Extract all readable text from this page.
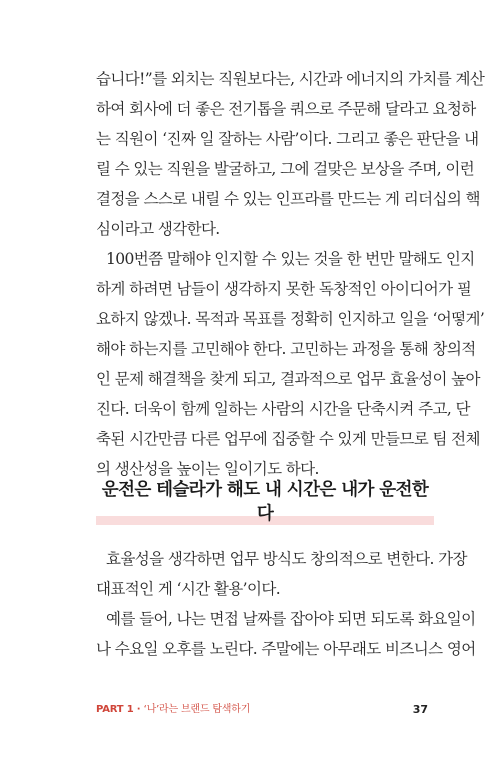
습니다!”를 외치는 직원보다는, 시간과 에너지의 가치를 계산
하여 회사에 더 좋은 전기톱을 쿼으로 주문해 달라고 요청하
는 직원이 ‘진짜 일 잘하는 사람’이다. 그리고 좋은 판단을 내
릴 수 있는 직원을 발굴하고, 그에 걸맞은 보상을 주며, 이런
결정을 스스로 내릴 수 있는 인프라를 만드는 게 리더십의 핵
심이라고 생각한다.
100번쯤 말해야 인지할 수 있는 것을 한 번만 말해도 인지
하게 하려면 남들이 생각하지 못한 독창적인 아이디어가 필
요하지 않겠나. 목적과 목표를 정확히 인지하고 일을 ‘어떻게’
해야 하는지를 고민해야 한다. 고민하는 과정을 통해 창의적
인 문제 해결책을 찾게 되고, 결과적으로 업무 효율성이 높아
진다. 더욱이 함께 일하는 사람의 시간을 단축시켜 주고, 단
축된 시간만큼 다른 업무에 집중할 수 있게 만들므로 팀 전체
의 생산성을 높이는 일이기도 하다.
운전은 테슬라가 해도 내 시간은 내가 운전한다
효율성을 생각하면 업무 방식도 창의적으로 변한다. 가장
대표적인 게 ‘시간 활용’이다.
예를 들어, 나는 면접 날짜를 잡아야 되면 되도록 화요일이
나 수요일 오후를 노린다. 주말에는 아무래도 비즈니스 영어
PART 1 · ‘나’라는 브랜드 탐색하기	37
